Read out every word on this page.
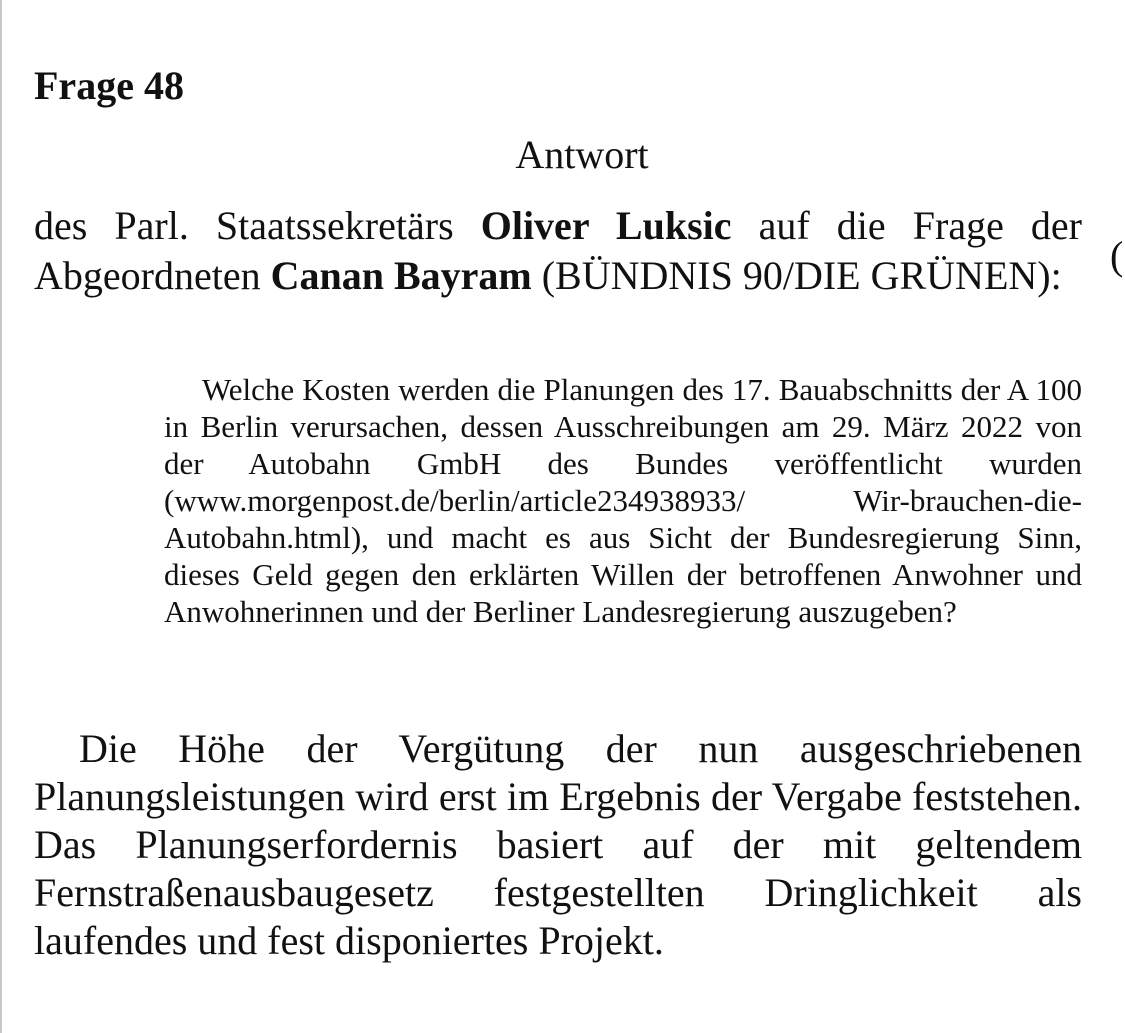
Frage 48

Antwort

des Parl. Staatssekretärs Oliver Luksic auf die Frage der Abgeordneten Canan Bayram (BÜNDNIS 90/DIE GRÜNEN):	(

Welche Kosten werden die Planungen des 17. Bauabschnitts der A 100 in Berlin verursachen, dessen Ausschreibungen am 29. März 2022 von der Autobahn GmbH des Bundes veröffentlicht wurden (www.morgenpost.de/berlin/article234938933/ Wir-brauchen-die-Autobahn.html), und macht es aus Sicht der Bundesregierung Sinn, dieses Geld gegen den erklärten Willen der betroffenen Anwohner und Anwohnerinnen und der Berliner Landesregierung auszugeben?

Die Höhe der Vergütung der nun ausgeschriebenen Planungsleistungen wird erst im Ergebnis der Vergabe feststehen. Das Planungserfordernis basiert auf der mit geltendem Fernstraßenausbaugesetz festgestellten Dringlichkeit als laufendes und fest disponiertes Projekt.
